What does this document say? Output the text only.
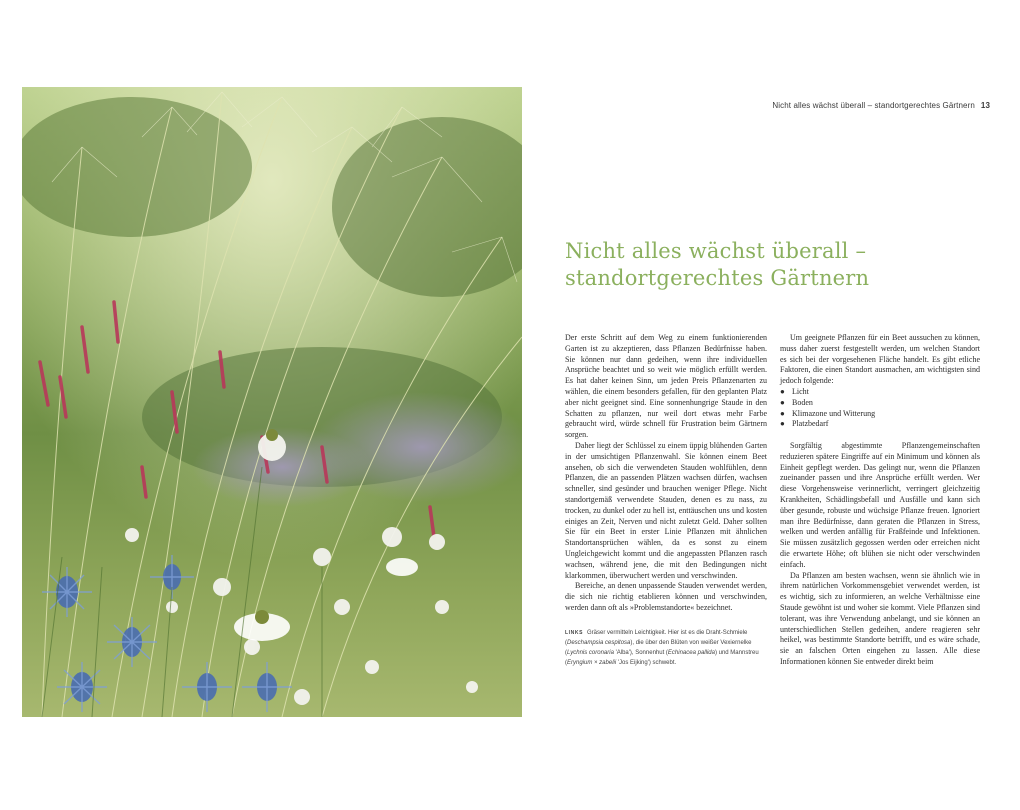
Nicht alles wächst überall – standortgerechtes Gärtnern 13
Nicht alles wächst überall –
standortgerechtes Gärtnern

Der erste Schritt auf dem Weg zu einem funktionierenden Garten ist zu akzeptieren, dass Pflanzen Bedürfnisse haben. Sie können nur dann gedeihen, wenn ihre individuellen Ansprüche beachtet und so weit wie möglich erfüllt werden. Es hat daher keinen Sinn, um jeden Preis Pflanzenarten zu wählen, die einem besonders gefallen, für den geplanten Platz aber nicht geeignet sind. Eine sonnenhungrige Staude in den Schatten zu pflanzen, nur weil dort etwas mehr Farbe gebraucht wird, würde schnell für Frustration beim Gärtnern sorgen.

Daher liegt der Schlüssel zu einem üppig blühenden Garten in der umsichtigen Pflanzenwahl. Sie können einem Beet ansehen, ob sich die verwendeten Stauden wohlfühlen, denn Pflanzen, die an passenden Plätzen wachsen dürfen, wachsen schneller, sind gesünder und brauchen weniger Pflege. Nicht standortgemäß verwendete Stauden, denen es zu nass, zu trocken, zu dunkel oder zu hell ist, enttäuschen uns und kosten einiges an Zeit, Nerven und nicht zuletzt Geld. Daher sollten Sie für ein Beet in erster Linie Pflanzen mit ähnlichen Standortansprüchen wählen, da es sonst zu einem Ungleichgewicht kommt und die angepassten Pflanzen rasch wachsen, während jene, die mit den Bedingungen nicht klarkommen, überwuchert werden und verschwinden.

Bereiche, an denen unpassende Stauden verwendet werden, die sich nie richtig etablieren können und verschwinden, werden dann oft als »Problemstandorte« bezeichnet.

LINKS Gräser vermitteln Leichtigkeit. Hier ist es die Draht-Schmiele (Deschampsia cespitosa), die über den Blüten von weißer Vexiernelke (Lychnis coronaria 'Alba'), Sonnenhut (Echinacea pallida) und Mannstreu (Eryngium × zabelii 'Jos Eijking') schwebt.

Um geeignete Pflanzen für ein Beet aussuchen zu können, muss daher zuerst festgestellt werden, um welchen Standort es sich bei der vorgesehenen Fläche handelt. Es gibt etliche Faktoren, die einen Standort ausmachen, am wichtigsten sind jedoch folgende:

● Licht
● Boden
● Klimazone und Witterung
● Platzbedarf

Sorgfältig abgestimmte Pflanzengemeinschaften reduzieren spätere Eingriffe auf ein Minimum und können als Einheit gepflegt werden. Das gelingt nur, wenn die Pflanzen zueinander passen und ihre Ansprüche erfüllt werden. Wer diese Vorgehensweise verinnerlicht, verringert gleichzeitig Krankheiten, Schädlingsbefall und Ausfälle und kann sich über gesunde, robuste und wüchsige Pflanze freuen. Ignoriert man ihre Bedürfnisse, dann geraten die Pflanzen in Stress, welken und werden anfällig für Fraßfeinde und Infektionen. Sie müssen zusätzlich gegossen werden oder erreichen nicht die erwartete Höhe; oft blühen sie nicht oder verschwinden einfach.

Da Pflanzen am besten wachsen, wenn sie ähnlich wie in ihrem natürlichen Vorkommensgebiet verwendet werden, ist es wichtig, sich zu informieren, an welche Verhältnisse eine Staude gewöhnt ist und woher sie kommt. Viele Pflanzen sind tolerant, was ihre Verwendung anbelangt, und sie können an unterschiedlichen Stellen gedeihen, andere reagieren sehr heikel, was bestimmte Standorte betrifft, und es wäre schade, sie an falschen Orten eingehen zu lassen. Alle diese Informationen können Sie entweder direkt beim
